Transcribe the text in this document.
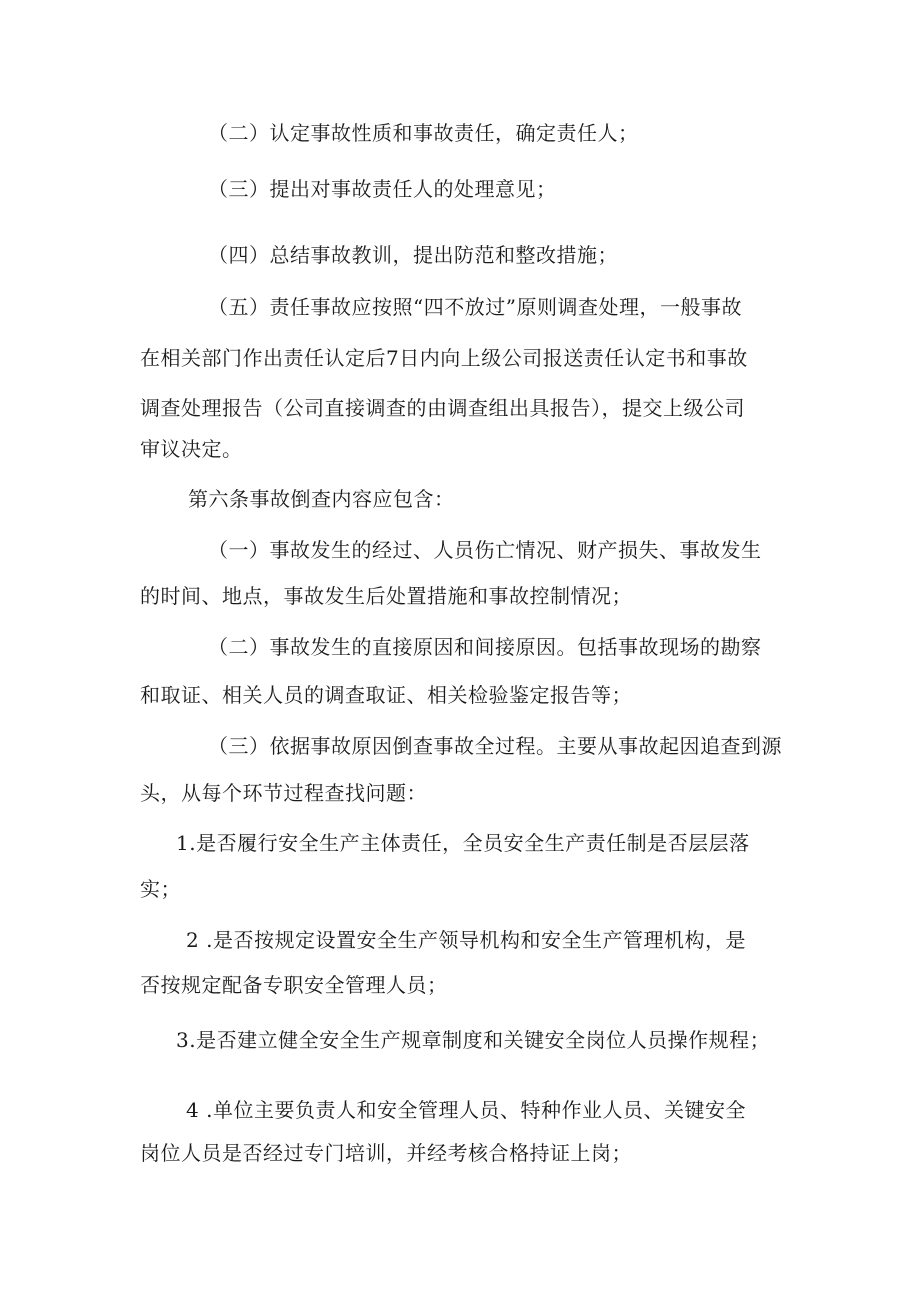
（二）认定事故性质和事故责任，确定责任人；
（三）提出对事故责任人的处理意见；
（四）总结事故教训，提出防范和整改措施；
（五）责任事故应按照“四不放过”原则调查处理，一般事故
在相关部门作出责任认定后7日内向上级公司报送责任认定书和事故
调查处理报告（公司直接调查的由调查组出具报告），提交上级公司
审议决定。
第六条事故倒查内容应包含：
（一）事故发生的经过、人员伤亡情况、财产损失、事故发生
的时间、地点，事故发生后处置措施和事故控制情况；
（二）事故发生的直接原因和间接原因。包括事故现场的勘察
和取证、相关人员的调查取证、相关检验鉴定报告等；
（三）依据事故原因倒查事故全过程。主要从事故起因追查到源
头，从每个环节过程查找问题：
1.是否履行安全生产主体责任，全员安全生产责任制是否层层落
实；
2 .是否按规定设置安全生产领导机构和安全生产管理机构，是
否按规定配备专职安全管理人员；
3.是否建立健全安全生产规章制度和关键安全岗位人员操作规程；
4 .单位主要负责人和安全管理人员、特种作业人员、关键安全
岗位人员是否经过专门培训，并经考核合格持证上岗；
